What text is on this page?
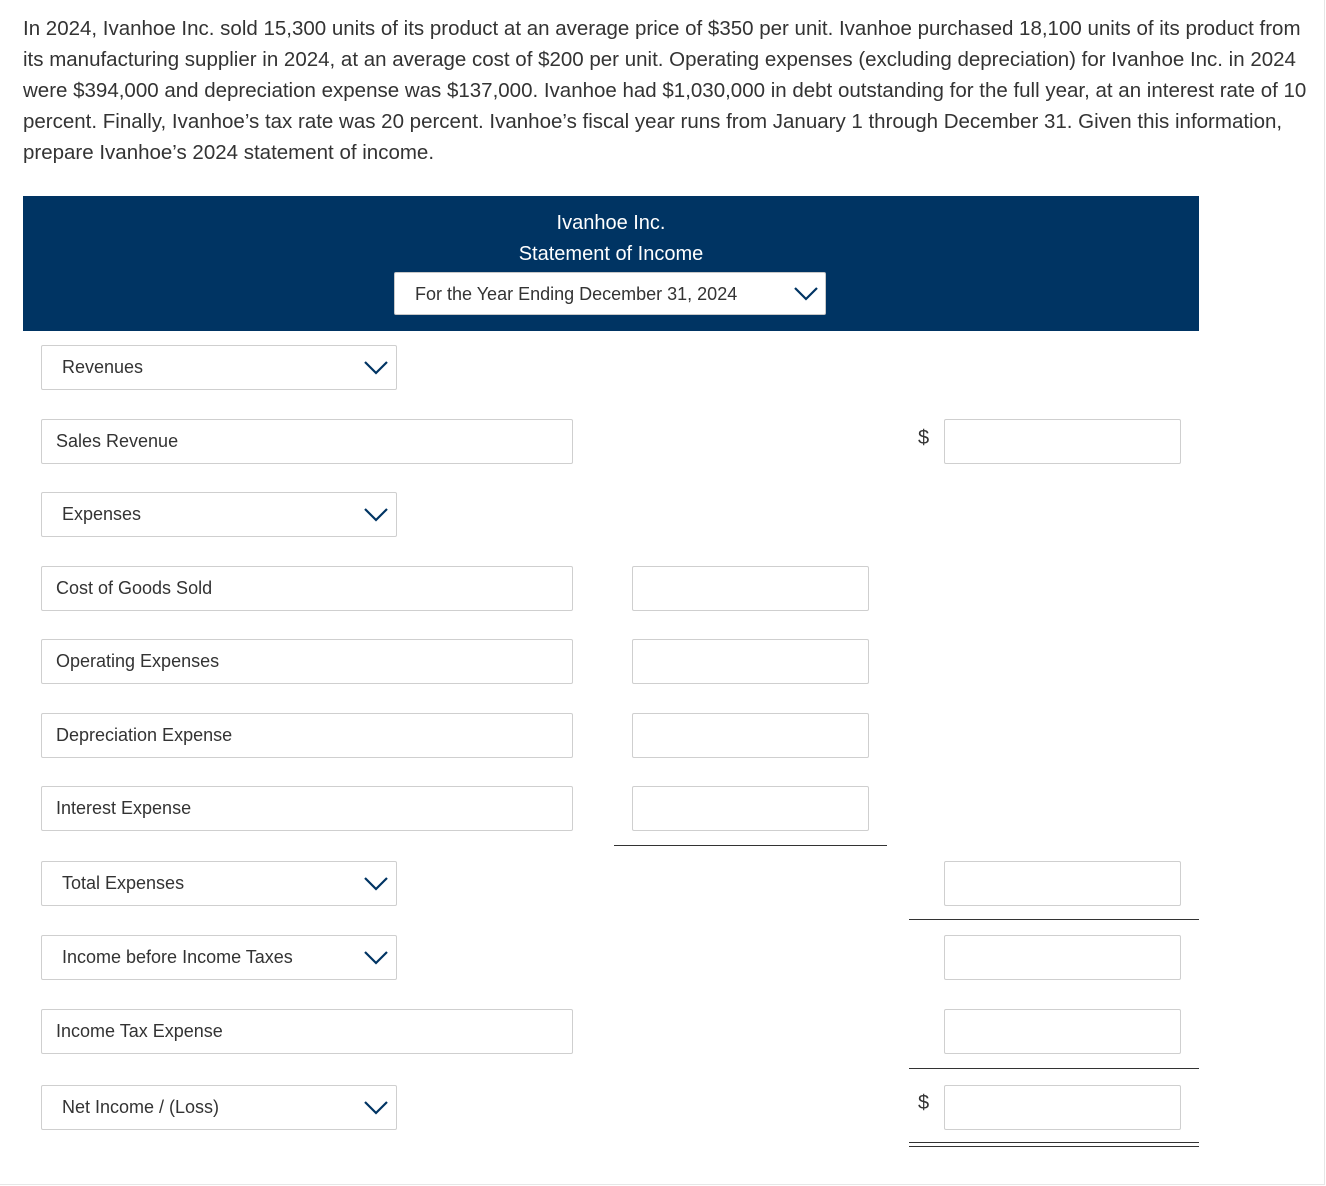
In 2024, Ivanhoe Inc. sold 15,300 units of its product at an average price of $350 per unit. Ivanhoe purchased 18,100 units of its product from its manufacturing supplier in 2024, at an average cost of $200 per unit. Operating expenses (excluding depreciation) for Ivanhoe Inc. in 2024 were $394,000 and depreciation expense was $137,000. Ivanhoe had $1,030,000 in debt outstanding for the full year, at an interest rate of 10 percent. Finally, Ivanhoe’s tax rate was 20 percent. Ivanhoe’s fiscal year runs from January 1 through December 31. Given this information, prepare Ivanhoe’s 2024 statement of income.
Ivanhoe Inc.
Statement of Income
For the Year Ending December 31, 2024
Revenues
Sales Revenue	$
Expenses
Cost of Goods Sold
Operating Expenses
Depreciation Expense
Interest Expense
Total Expenses
Income before Income Taxes
Income Tax Expense
Net Income / (Loss)	$
